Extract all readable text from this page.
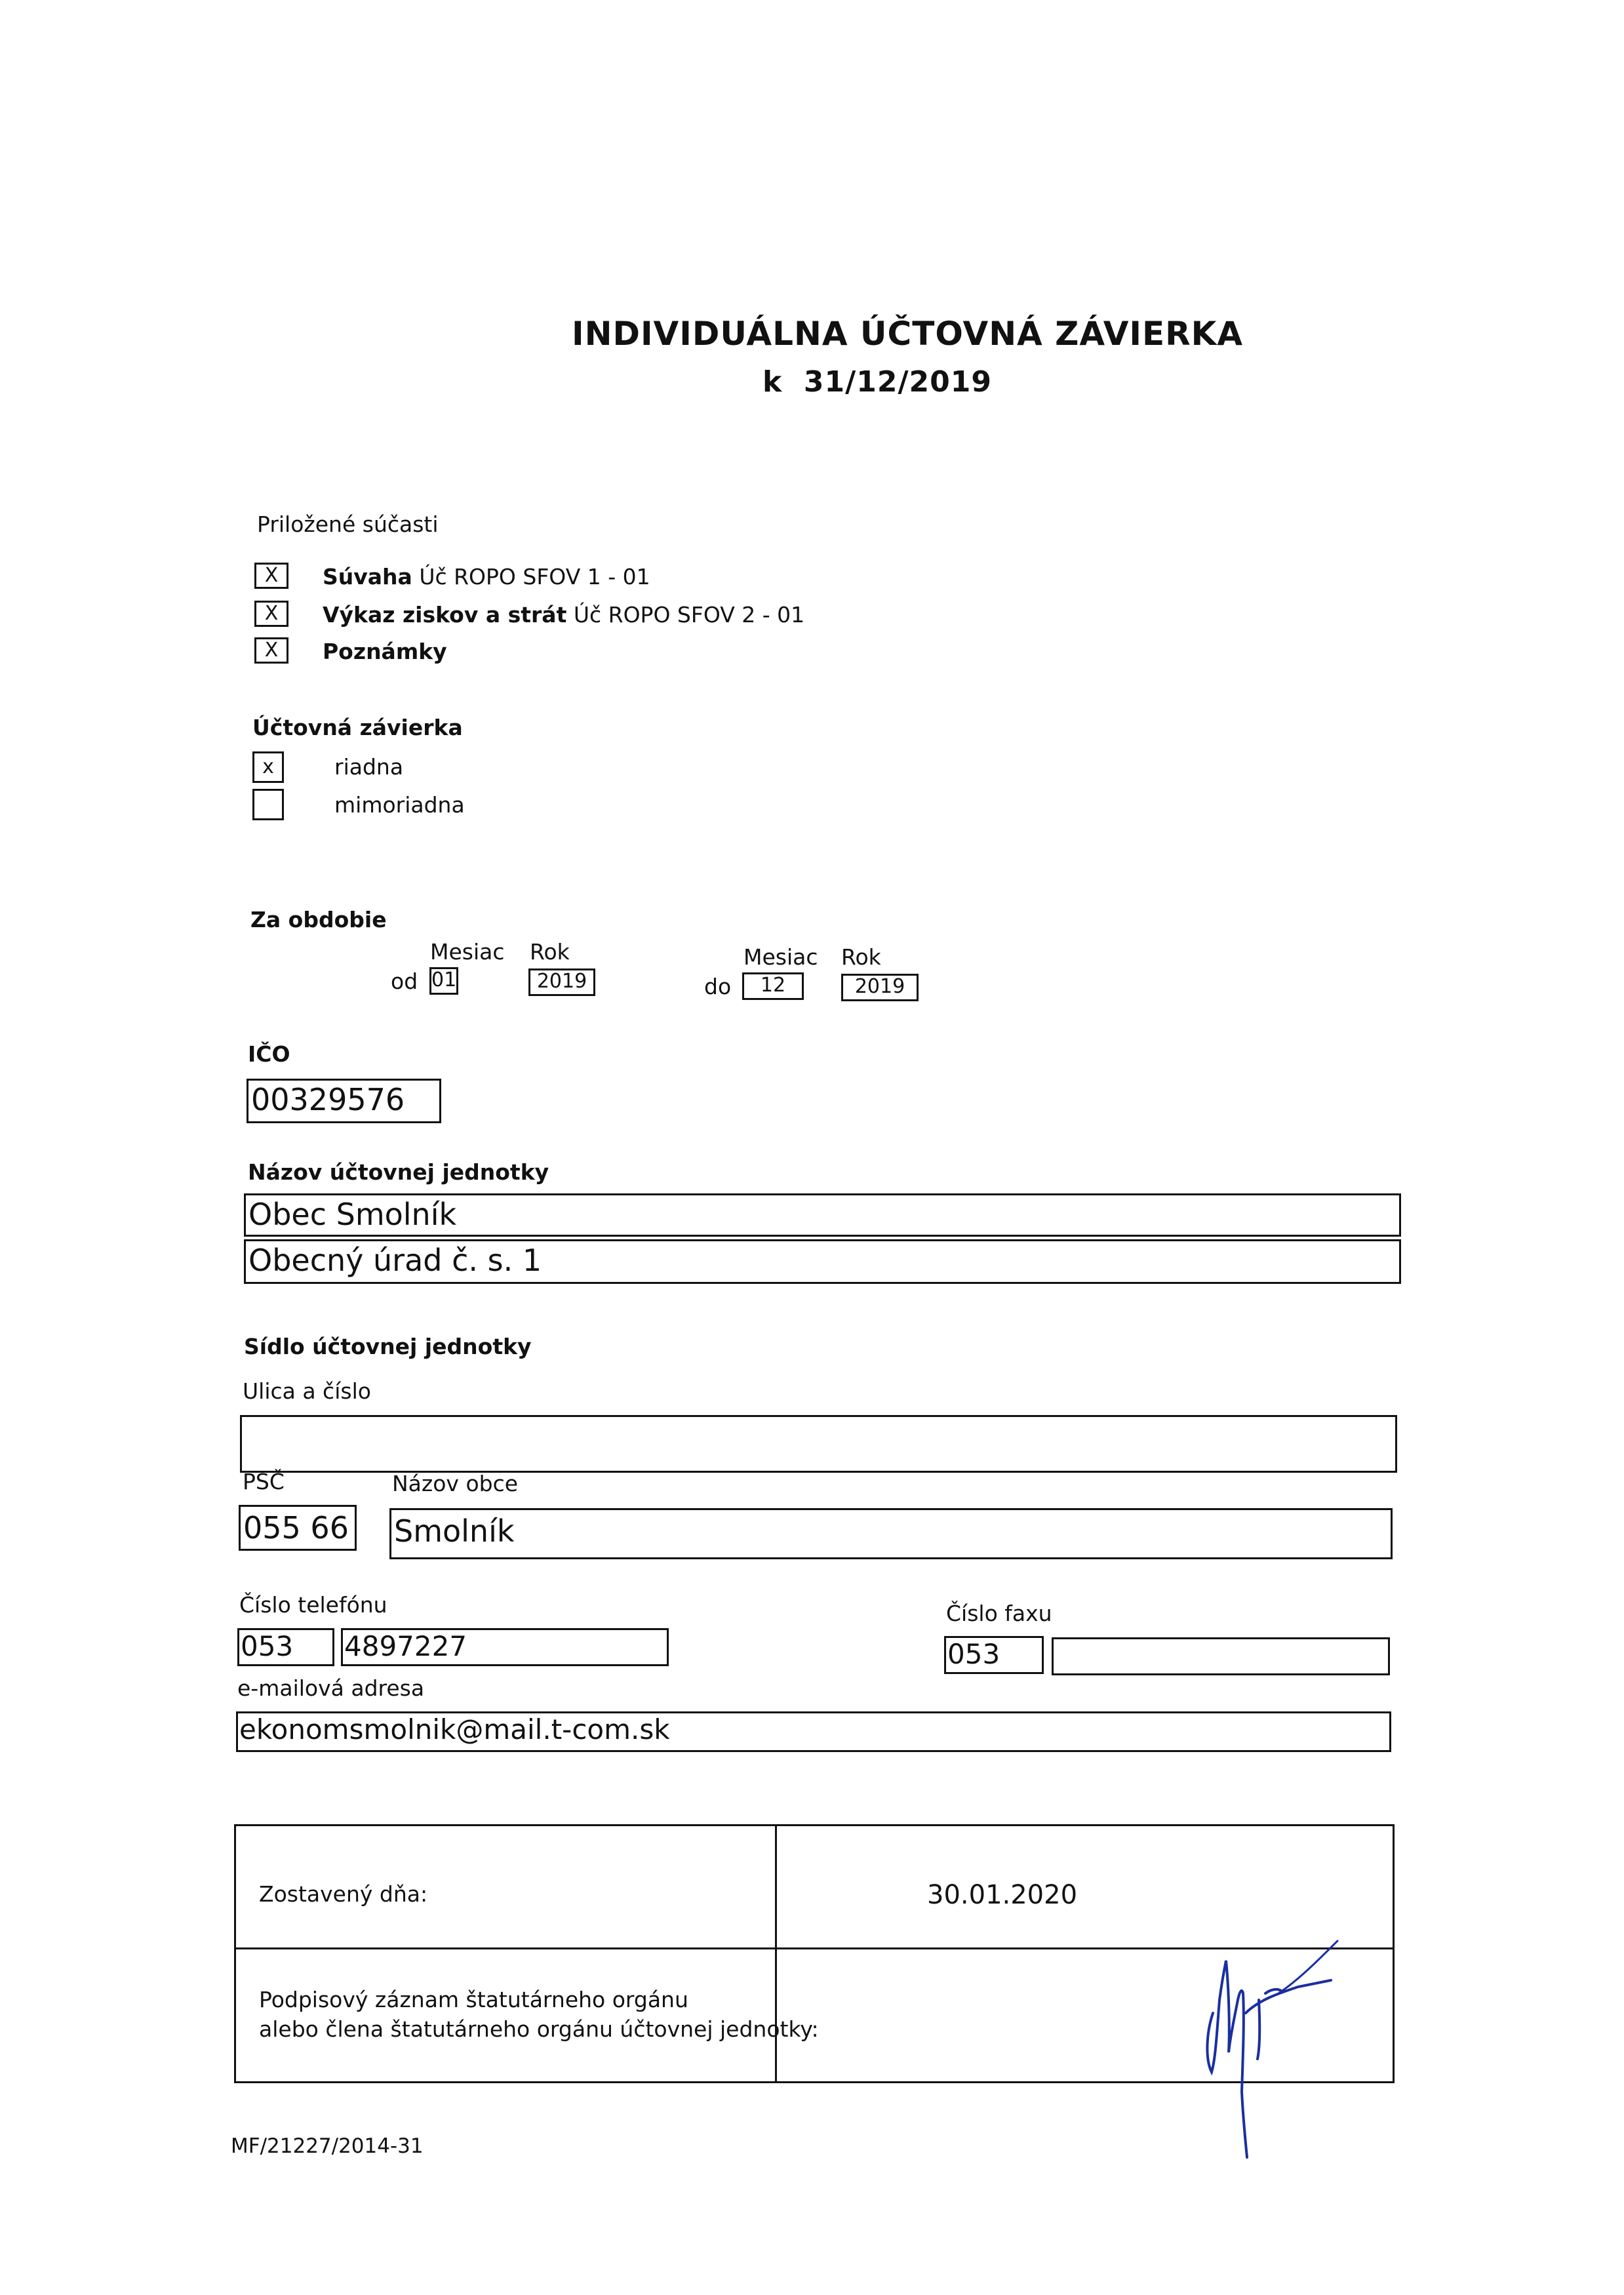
INDIVIDUÁLNA ÚČTOVNÁ ZÁVIERKA
k 31/12/2019
Priložené súčasti
X	Súvaha Úč ROPO SFOV 1 - 01
X	Výkaz ziskov a strát Úč ROPO SFOV 2 - 01
X	Poznámky
Účtovná závierka
x	riadna
mimoriadna
Za obdobie
Mesiac Rok	Mesiac Rok
od 01	2019	do	12	2019
IČO
00329576
Názov účtovnej jednotky
Obec Smolník
Obecný úrad č. s. 1
Sídlo účtovnej jednotky
Ulica a číslo
PSČ	Názov obce
055 66 Smolník
Číslo telefónu	Číslo faxu
053	4897227	053
e-mailová adresa
ekonomsmolnik@mail.t-com.sk
Zostavený dňa:	30.01.2020
Podpisový záznam štatutárneho orgánu
alebo člena štatutárneho orgánu účtovnej jednotky:
MF/21227/2014-31
